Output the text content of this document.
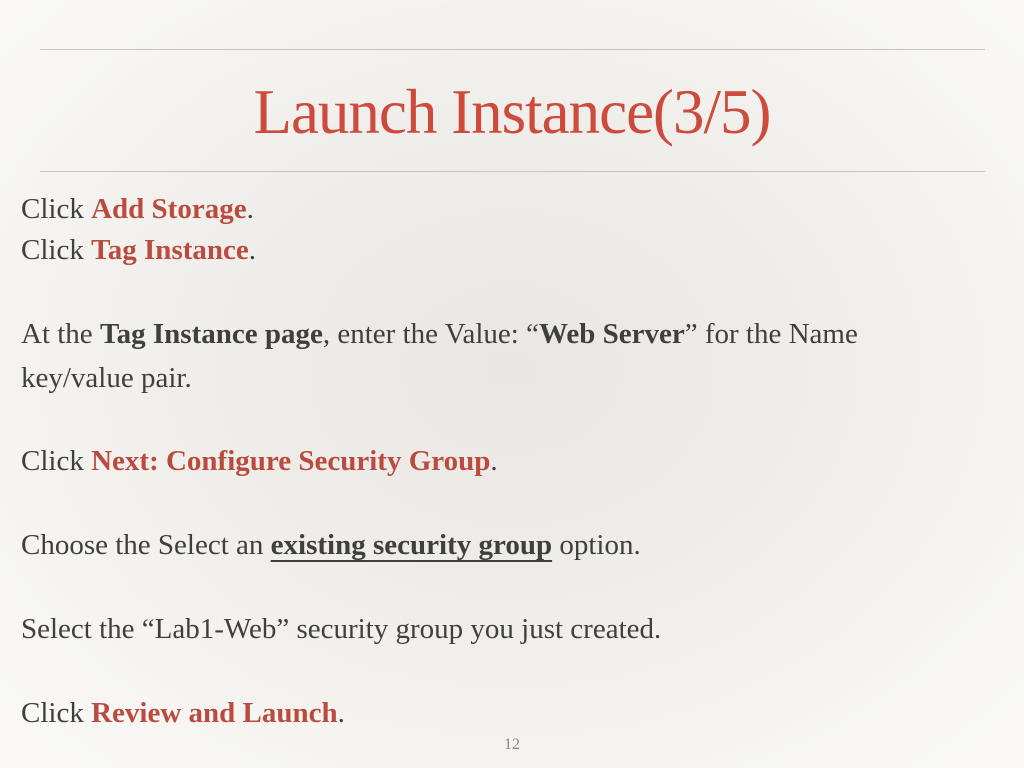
Launch Instance(3/5)
Click Add Storage.
Click Tag Instance.
At the Tag Instance page, enter the Value: “Web Server” for the Name
key/value pair.
Click Next: Configure Security Group.
Choose the Select an existing security group option.
Select the “Lab1-Web” security group you just created.
Click Review and Launch.
12
